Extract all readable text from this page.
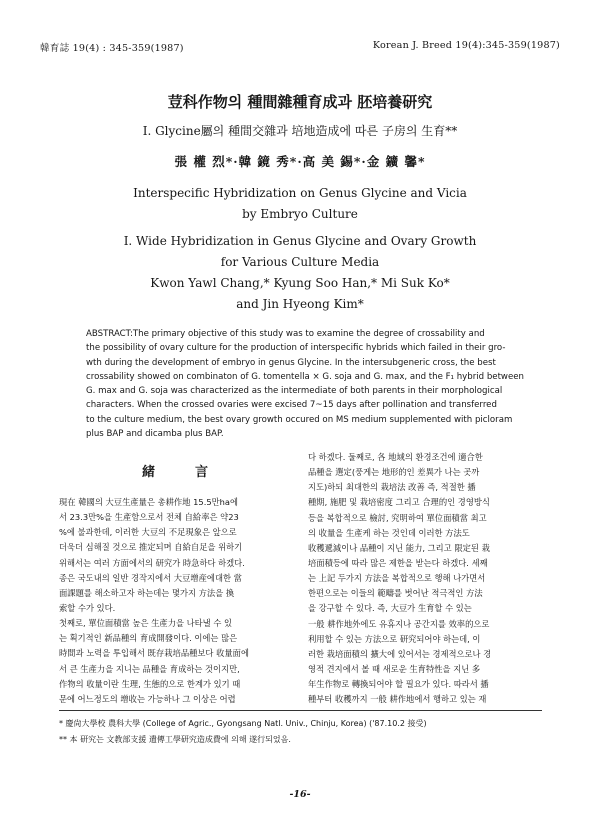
韓育誌 19(4) : 345-359(1987)	Korean J. Breed 19(4):345-359(1987)
荳科作物의 種間雜種育成과 胚培養研究
Ⅰ. Glycine屬의 種間交雜과 培地造成에 따른 子房의 生育**
張 權 烈*·韓 鏡 秀*·高 美 錫*·金 鑛 馨*
Interspecific Hybridization on Genus Glycine and Vicia
by Embryo Culture
Ⅰ. Wide Hybridization in Genus Glycine and Ovary Growth
for Various Culture Media
Kwon Yawl Chang,* Kyung Soo Han,* Mi Suk Ko*
and Jin Hyeong Kim*
ABSTRACT:The primary objective of this study was to examine the degree of crossability and
the possibility of ovary culture for the production of interspecific hybrids which failed in their gro-
wth during the development of embryo in genus Glycine. In the intersubgeneric cross, the best
crossability showed on combinaton of G. tomentella × G. soja and G. max, and the F₁ hybrid between
G. max and G. soja was characterized as the intermediate of both parents in their morphological
characters. When the crossed ovaries were excised 7~15 days after pollination and transferred
to the culture medium, the best ovary growth occured on MS medium supplemented with picloram
plus BAP and dicamba plus BAP.
緒言
現在 韓國의 大豆生產量은 총耕作地 15.5만ha에
서 23.3만%을 生產함으로서 전체 自給率은 약23
%에 불과한데, 이러한 大豆의 不足現象은 앞으로
더욱더 심해질 것으로 推定되며 自給自足을 위하기
위해서는 여러 方面에서의 研究가 時急하다 하겠다.
종은 국도내의 일반 경작지에서 大豆增産에대한 當
面課題를 해소하고자 하는데는 몇가지 方法을 換
索할 수가 있다.
첫째로, 單位面積當 높은 生產力을 나타낼 수 있
는 획기적인 新品種의 育成開發이다. 이에는 많은
時間과 노력을 투입해서 既存栽培品種보다 收量面에
서 큰 生產力을 지니는 品種을 育成하는 것이지만,
作物의 收量이란 生理, 生態的으로 한계가 있기 때
문에 어느정도의 增收는 가능하나 그 이상은 어렵
다 하겠다. 둘째로, 各 地域의 환경조건에 適合한
品種을 選定(풍게는 地形的인 差異가 나는 곳까
지도)하되 최대한의 栽培法 改善 즉, 적절한 播
種期, 施肥 및 栽培密度 그리고 合理的인 경영방식
등을 복합적으로 檢討, 究明하여 單位面積當 최고
의 收量을 生產케 하는 것인데 이러한 方法도
收穫遞減이나 品種이 지닌 能力, 그리고 限定된 栽
培面積등에 따라 많은 제한을 받는다 하겠다. 세째
는 上記 두가지 方法을 복합적으로 행해 나가면서
한편으로는 이들의 範疇를 벗어난 적극적인 方法
을 강구할 수 있다. 즉, 大豆가 生育할 수 있는
一般 耕作地外에도 유휴지나 공간지를 效率的으로
利用할 수 있는 方法으로 研究되어야 하는데, 이
러한 栽培面積의 擴大에 있어서는 경제적으로나 경
영적 견지에서 볼 때 새로운 生育特性을 지닌 多
年生作物로 轉換되어야 할 필요가 있다. 따라서 播
種부터 收穫까지 一般 耕作地에서 행하고 있는 재
* 慶尙大學校 農科大學 (College of Agric., Gyongsang Natl. Univ., Chinju, Korea) ('87.10.2 接受)
** 本 研究는 文教部支援 遺傳工學研究造成費에 의해 遂行되었음.
-16-
